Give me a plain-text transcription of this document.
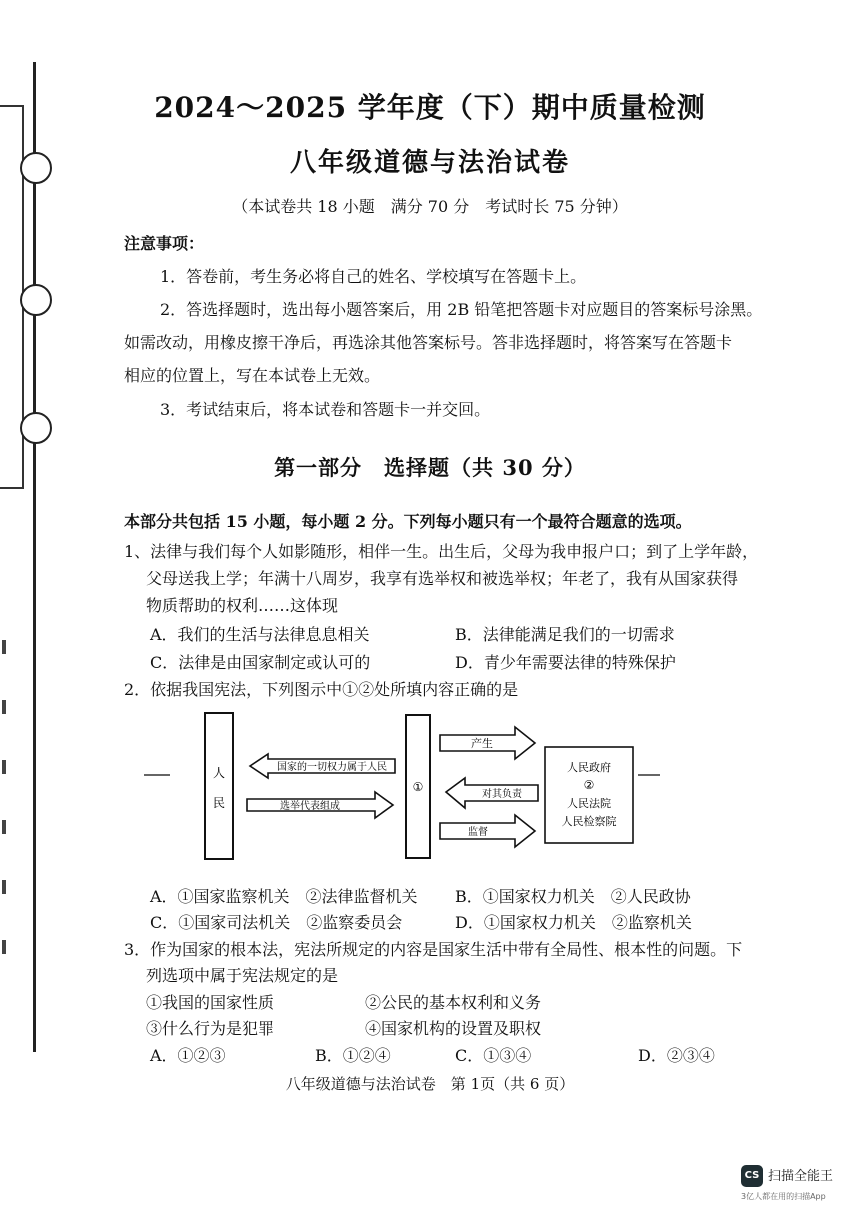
2024～2025 学年度（下）期中质量检测
八年级道德与法治试卷
（本试卷共 18 小题　满分 70 分　考试时长 75 分钟）
注意事项：
1．答卷前，考生务必将自己的姓名、学校填写在答题卡上。
2．答选择题时，选出每小题答案后，用 2B 铅笔把答题卡对应题目的答案标号涂黑。
如需改动，用橡皮擦干净后，再选涂其他答案标号。答非选择题时，将答案写在答题卡
相应的位置上，写在本试卷上无效。
3．考试结束后，将本试卷和答题卡一并交回。
第一部分　选择题（共 30 分）
本部分共包括 15 小题，每小题 2 分。下列每小题只有一个最符合题意的选项。
1、法律与我们每个人如影随形，相伴一生。出生后，父母为我申报户口；到了上学年龄，
父母送我上学；年满十八周岁，我享有选举权和被选举权；年老了，我有从国家获得
物质帮助的权利……这体现
A．我们的生活与法律息息相关	B．法律能满足我们的一切需求
C．法律是由国家制定或认可的	D．青少年需要法律的特殊保护
2．依据我国宪法，下列图示中①②处所填内容正确的是
人
民
国家的一切权力属于人民
选举代表组成
①
产生
对其负责
监督
人民政府
②
人民法院
人民检察院
A．①国家监察机关　②法律监督机关 B．①国家权力机关　②人民政协
C．①国家司法机关　②监察委员会	D．①国家权力机关　②监察机关
3．作为国家的根本法，宪法所规定的内容是国家生活中带有全局性、根本性的问题。下
列选项中属于宪法规定的是
①我国的国家性质	②公民的基本权利和义务
③什么行为是犯罪	④国家机构的设置及职权
A．①②③	B．①②④	C．①③④	D．②③④
八年级道德与法治试卷　第 1页（共 6 页）
CS 扫描全能王
3亿人都在用的扫描App
